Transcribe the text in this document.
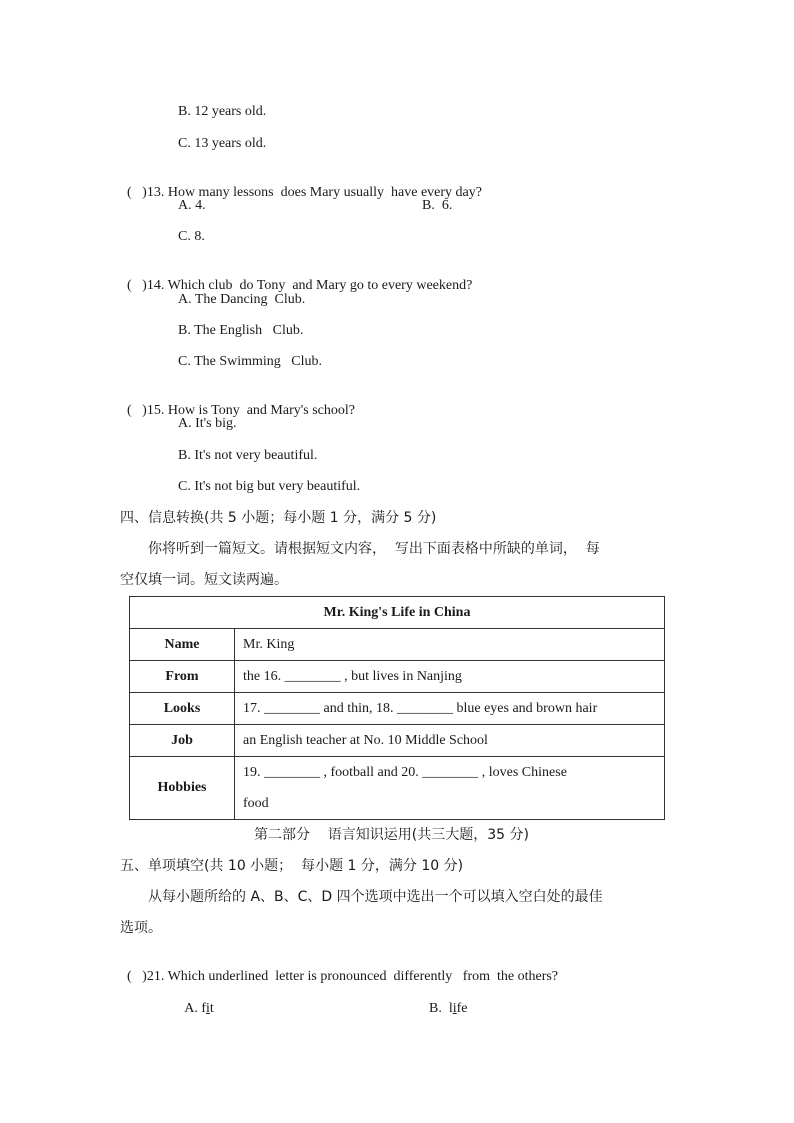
B. 12 years old.
C. 13 years old.

(   )13. How many lessons  does Mary usually  have every day?

A. 4.	B.  6.
C. 8.

(   )14. Which club  do Tony  and Mary go to every weekend?

A. The Dancing  Club.
B. The English   Club.
C. The Swimming   Club.

(   )15. How is Tony  and Mary's school?

A. It's big.
B. It's not very beautiful.
C. It's not big but very beautiful.
四、信息转换(共 5 小题；每小题 1 分，满分 5 分)
你将听到一篇短文。请根据短文内容，  写出下面表格中所缺的单词，  每
空仅填一词。短文读两遍。
Mr. King's Life in China	
Name	Mr. King
From	the 16. ________ , but lives in Nanjing
Looks	17. ________ and thin, 18. ________ blue eyes and brown hair
Job	an English teacher at No. 10 Middle School
Hobbies	19. ________ , football and 20. ________ , loves Chinese
food
第二部分    语言知识运用(共三大题，35 分)
五、单项填空(共 10 小题；  每小题 1 分，满分 10 分)
从每小题所给的 A、B、C、D 四个选项中选出一个可以填入空白处的最佳
选项。

(   )21. Which underlined  letter is pronounced  differently   from  the others?

A. fit	B.  life
